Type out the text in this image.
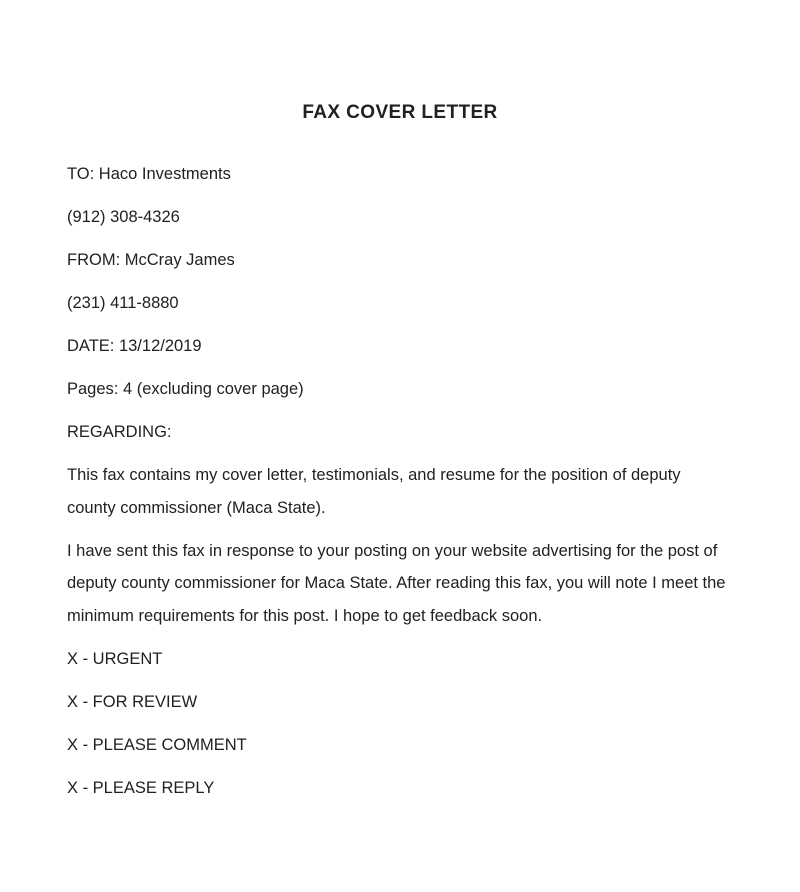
FAX COVER LETTER

TO: Haco Investments

(912) 308-4326

FROM: McCray James

(231) 411-8880

DATE: 13/12/2019

Pages: 4 (excluding cover page)

REGARDING:

This fax contains my cover letter, testimonials, and resume for the position of deputy county commissioner (Maca State).

I have sent this fax in response to your posting on your website advertising for the post of deputy county commissioner for Maca State. After reading this fax, you will note I meet the minimum requirements for this post. I hope to get feedback soon.

X - URGENT

X - FOR REVIEW

X - PLEASE COMMENT

X - PLEASE REPLY
